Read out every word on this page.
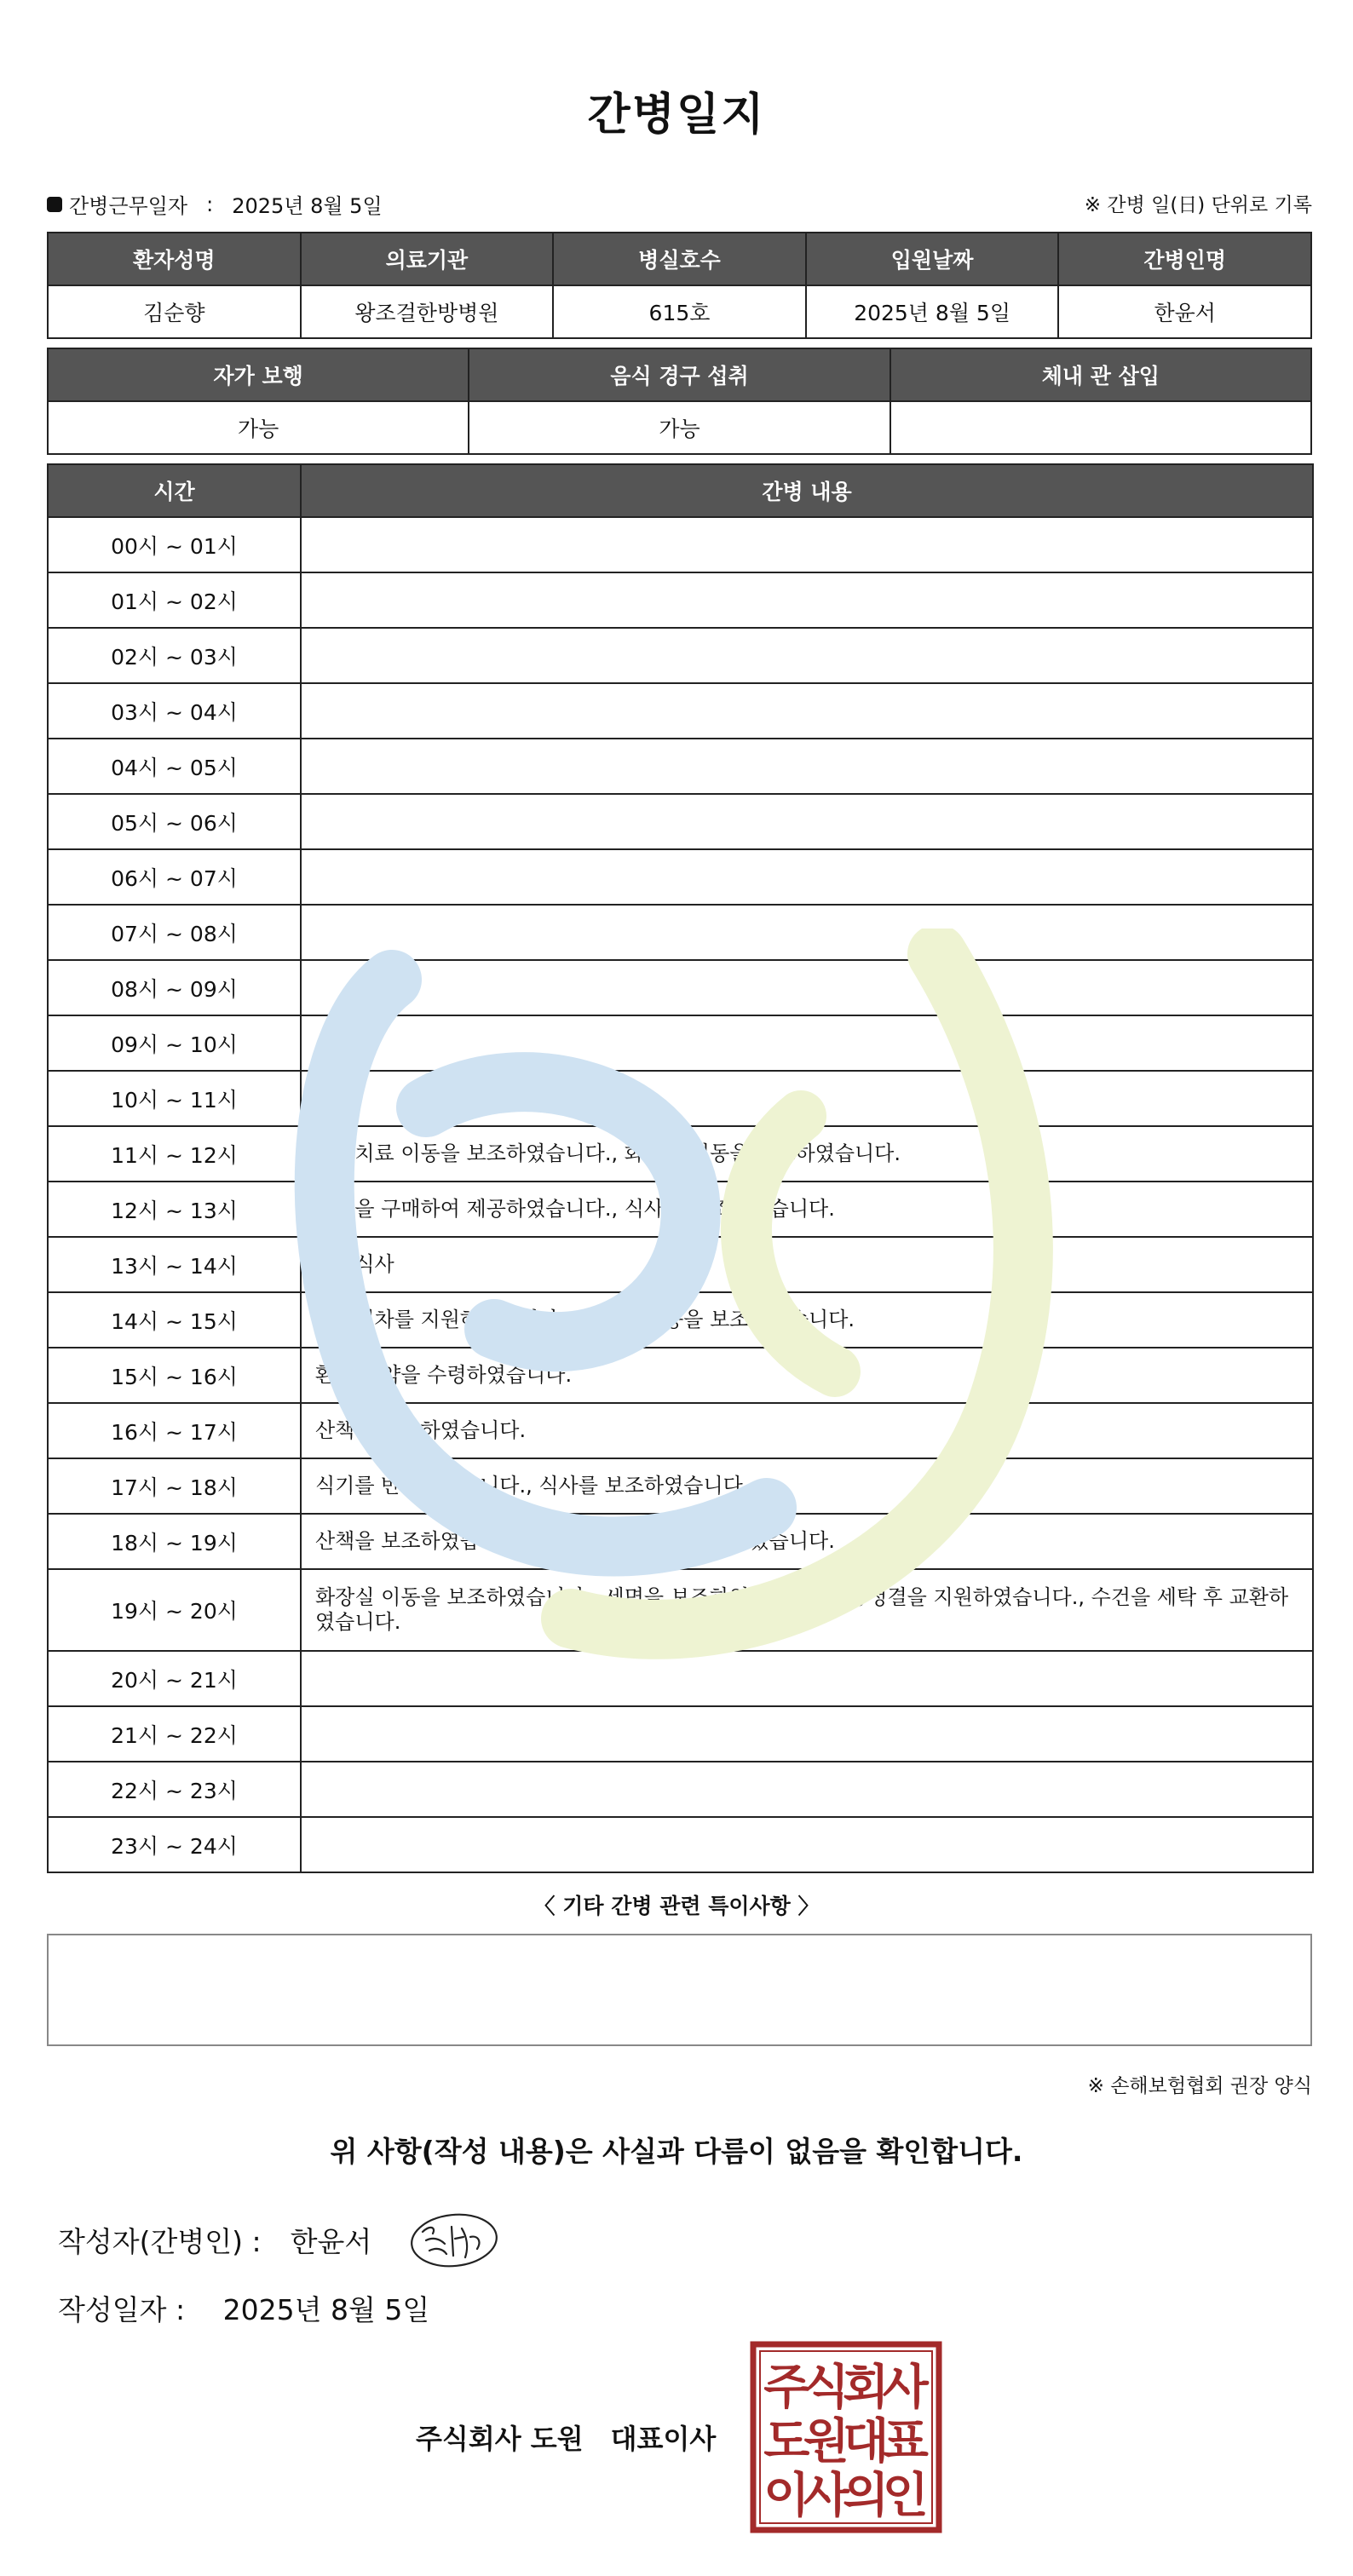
간병일지
간병근무일자 : 2025년 8월 5일	※ 간병 일(日) 단위로 기록
환자성명	의료기관	병실호수	입원날짜	간병인명
김순향	왕조걸한방병원	615호	2025년 8월 5일	한윤서
자가 보행	음식 경구 섭취	체내 관 삽입
가능	가능	
시간	간병 내용
00시 ~ 01시	
01시 ~ 02시	
02시 ~ 03시	
03시 ~ 04시	
04시 ~ 05시	
05시 ~ 06시	
06시 ~ 07시	
07시 ~ 08시	
08시 ~ 09시	
09시 ~ 10시	
10시 ~ 11시	
11시 ~ 12시	물리치료 이동을 보조하였습니다., 화장실 이동을 보조하였습니다.
12시 ~ 13시	간식을 구매하여 제공하였습니다., 식사를 보조하였습니다.
13시 ~ 14시	점심식사
14시 ~ 15시	입원절차를 지원하였습니다., 화장실 이동을 보조하였습니다.
15시 ~ 16시	환자의 약을 수령하였습니다.
16시 ~ 17시	산책을 보조하였습니다.
17시 ~ 18시	식기를 반납하였습니다., 식사를 보조하였습니다.
18시 ~ 19시	산책을 보조하였습니다., 환자의 심부름을 수행하였습니다.
19시 ~ 20시	화장실 이동을 보조하였습니다., 세면을 보조하였습니다., 구강청결을 지원하였습니다., 수건을 세탁 후 교환하였습니다.
20시 ~ 21시	
21시 ~ 22시	
22시 ~ 23시	
23시 ~ 24시	
〈 기타 간병 관련 특이사항 〉
※ 손해보험협회 권장 양식
위 사항(작성 내용)은 사실과 다름이 없음을 확인합니다.
작성자(간병인) : 한윤서
작성일자 : 2025년 8월 5일
주식회사 도원 대표이사
주
식
회
사
도
원
대
표
이
사
의
인
